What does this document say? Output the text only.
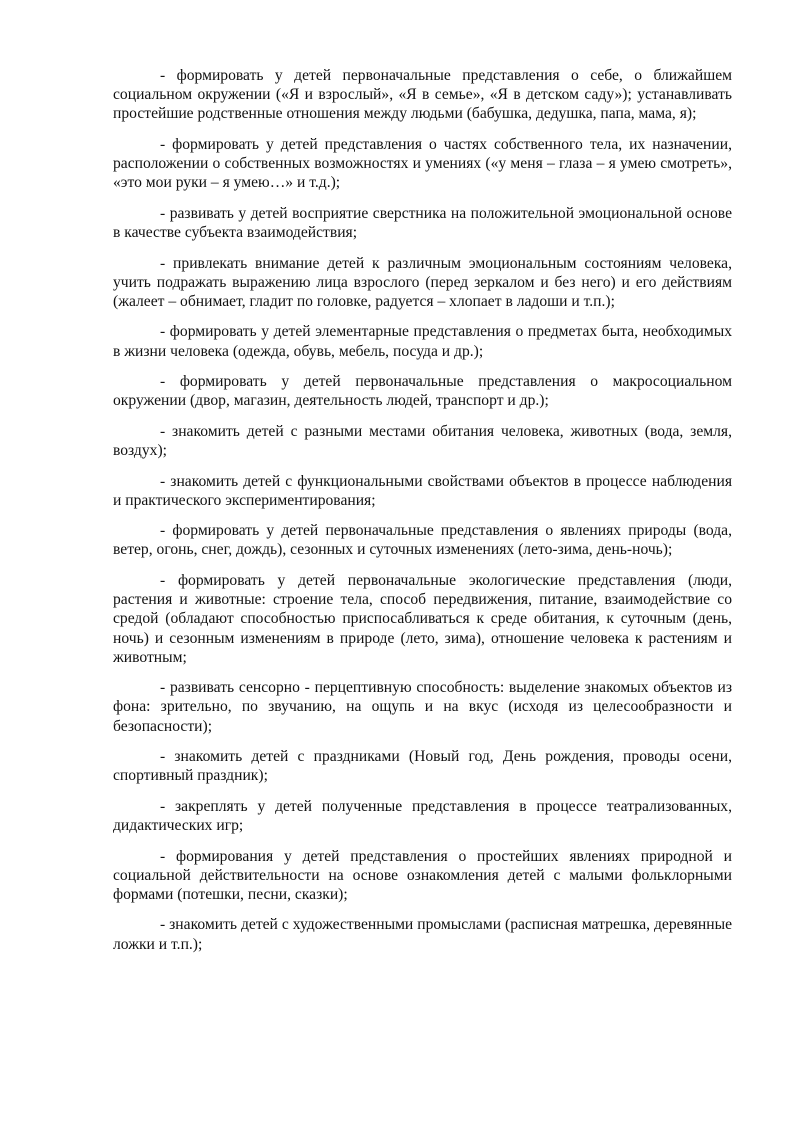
- формировать у детей первоначальные представления о себе, о ближайшем социальном окружении («Я и взрослый», «Я в семье», «Я в детском саду»); устанавливать простейшие родственные отношения между людьми (бабушка, дедушка, папа, мама, я);

- формировать у детей представления о частях собственного тела, их назначении, расположении о собственных возможностях и умениях («у меня – глаза – я умею смотреть», «это мои руки – я умею…» и т.д.);

- развивать у детей восприятие сверстника на положительной эмоциональной основе в качестве субъекта взаимодействия;

- привлекать внимание детей к различным эмоциональным состояниям человека, учить подражать выражению лица взрослого (перед зеркалом и без него) и его действиям (жалеет – обнимает, гладит по головке, радуется – хлопает в ладоши и т.п.);

- формировать у детей элементарные представления о предметах быта, необходимых в жизни человека (одежда, обувь, мебель, посуда и др.);

- формировать у детей первоначальные представления о макросоциальном окружении (двор, магазин, деятельность людей, транспорт и др.);

- знакомить детей с разными местами обитания человека, животных (вода, земля, воздух);

- знакомить детей с функциональными свойствами объектов в процессе наблюдения и практического экспериментирования;

- формировать у детей первоначальные представления о явлениях природы (вода, ветер, огонь, снег, дождь), сезонных и суточных изменениях (лето-зима, день-ночь);

- формировать у детей первоначальные экологические представления (люди, растения и животные: строение тела, способ передвижения, питание, взаимодействие со средой (обладают способностью приспосабливаться к среде обитания, к суточным (день, ночь) и сезонным изменениям в природе (лето, зима), отношение человека к растениям и животным;

- развивать сенсорно - перцептивную способность: выделение знакомых объектов из фона: зрительно, по звучанию, на ощупь и на вкус (исходя из целесообразности и безопасности);

- знакомить детей с праздниками (Новый год, День рождения, проводы осени, спортивный праздник);

- закреплять у детей полученные представления в процессе театрализованных, дидактических игр;

- формирования у детей представления о простейших явлениях природной и социальной действительности на основе ознакомления детей с малыми фольклорными формами (потешки, песни, сказки);

- знакомить детей с художественными промыслами (расписная матрешка, деревянные ложки и т.п.);
